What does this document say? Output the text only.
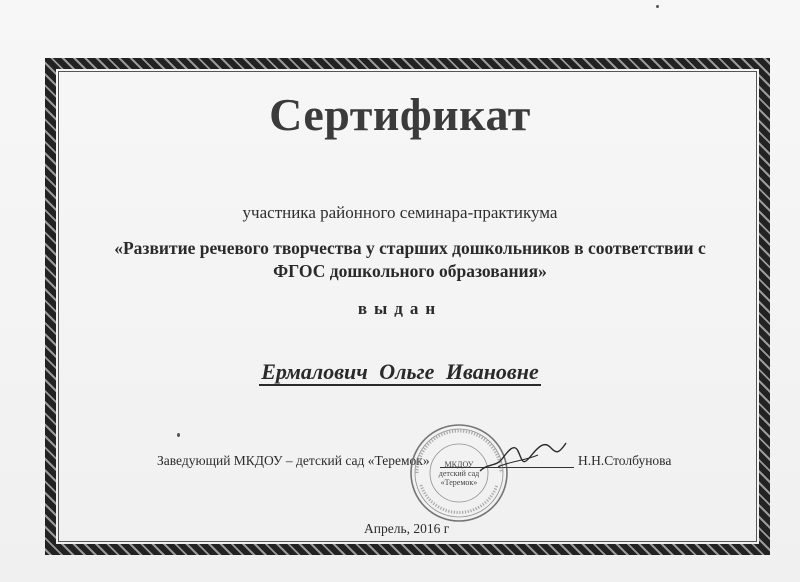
Сертификат
участника районного семинара-практикума
«Развитие речевого творчества у старших дошкольников в соответствии с
ФГОС дошкольного образования»
выдан
Ермалович Ольге Ивановне
Заведующий МКДОУ – детский сад «Теремок»	Н.Н.Столбунова
МКДОУ
детский сад
«Теремок»
Апрель, 2016 г
